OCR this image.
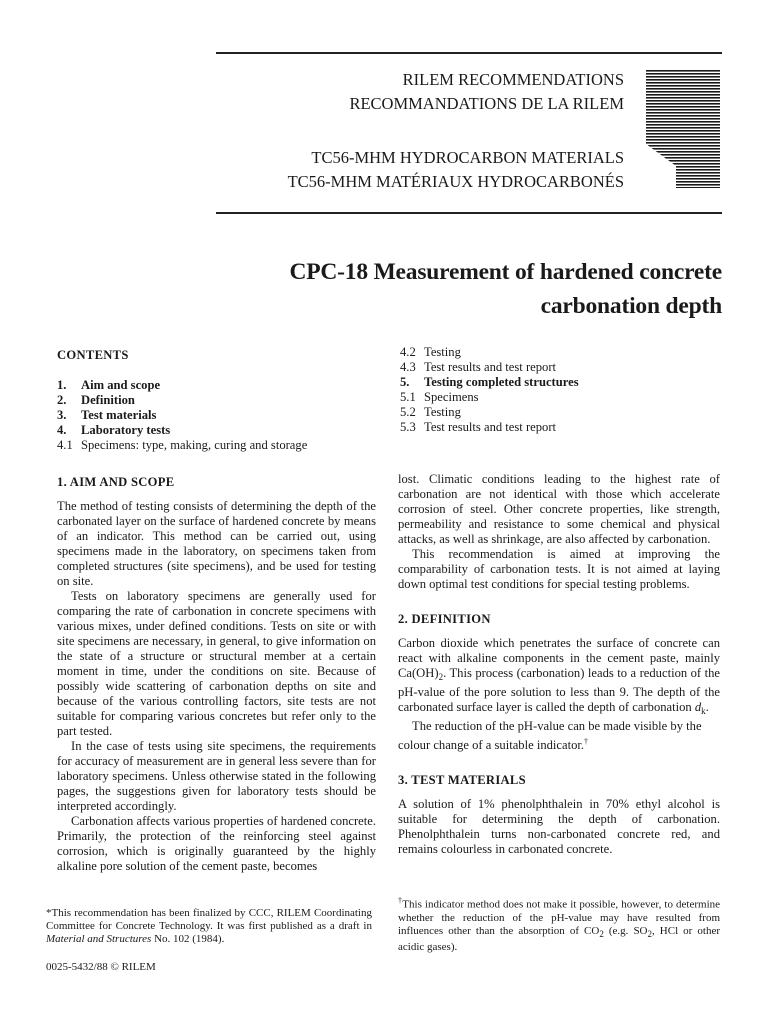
RILEM RECOMMENDATIONS
RECOMMANDATIONS DE LA RILEM
TC56-MHM HYDROCARBON MATERIALS
TC56-MHM MATÉRIAUX HYDROCARBONÉS
CPC-18 Measurement of hardened concrete
carbonation depth
CONTENTS
1. Aim and scope
2. Definition
3. Test materials
4. Laboratory tests
4.1 Specimens: type, making, curing and storage
4.2 Testing
4.3 Test results and test report
5. Testing completed structures
5.1 Specimens
5.2 Testing
5.3 Test results and test report
1. AIM AND SCOPE

The method of testing consists of determining the depth of the carbonated layer on the surface of hardened concrete by means of an indicator. This method can be carried out, using specimens made in the laboratory, on specimens taken from completed structures (site specimens), and be used for testing on site.

Tests on laboratory specimens are generally used for comparing the rate of carbonation in concrete specimens with various mixes, under defined conditions. Tests on site or with site specimens are necessary, in general, to give information on the state of a structure or structural member at a certain moment in time, under the conditions on site. Because of possibly wide scattering of carbonation depths on site and because of the various controlling factors, site tests are not suitable for comparing various concretes but refer only to the part tested.

In the case of tests using site specimens, the requirements for accuracy of measurement are in general less severe than for laboratory specimens. Unless otherwise stated in the following pages, the suggestions given for laboratory tests should be interpreted accordingly.

Carbonation affects various properties of hardened concrete. Primarily, the protection of the reinforcing steel against corrosion, which is originally guaranteed by the highly alkaline pore solution of the cement paste, becomes

*This recommendation has been finalized by CCC, RILEM Coordinating Committee for Concrete Technology. It was first published as a draft in Material and Structures No. 102 (1984).

0025-5432/88 © RILEM

lost. Climatic conditions leading to the highest rate of carbonation are not identical with those which accelerate corrosion of steel. Other concrete properties, like strength, permeability and resistance to some chemical and physical attacks, as well as shrinkage, are also affected by carbonation.

This recommendation is aimed at improving the comparability of carbonation tests. It is not aimed at laying down optimal test conditions for special testing problems.

2. DEFINITION

Carbon dioxide which penetrates the surface of concrete can react with alkaline components in the cement paste, mainly $Ca(OH)_2$. This process (carbonation) leads to a reduction of the pH-value of the pore solution to less than 9. The depth of the carbonated surface layer is called the depth of carbonation $d_k$.

The reduction of the pH-value can be made visible by the colour change of a suitable indicator.†

3. TEST MATERIALS

A solution of 1% phenolphthalein in 70% ethyl alcohol is suitable for determining the depth of carbonation. Phenolphthalein turns non-carbonated concrete red, and remains colourless in carbonated concrete.

†This indicator method does not make it possible, however, to determine whether the reduction of the pH-value may have resulted from influences other than the absorption of $CO_2$ (e.g. $SO_2$, HCl or other acidic gases).
